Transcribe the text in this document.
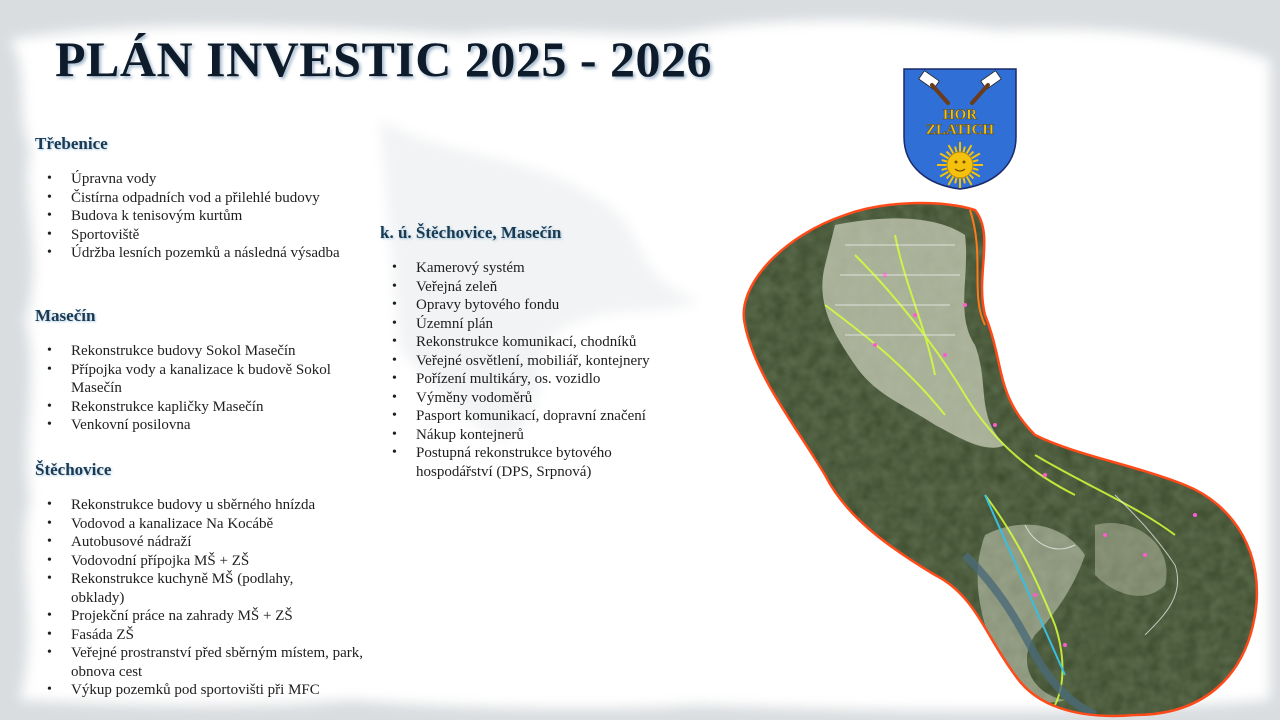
PLÁN INVESTIC 2025 - 2026
Třebenice
• Úpravna vody
• Čistírna odpadních vod a přilehlé budovy
• Budova k tenisovým kurtům
• Sportoviště
• Údržba lesních pozemků a následná výsadba
Masečín
• Rekonstrukce budovy Sokol Masečín
• Přípojka vody a kanalizace k budově Sokol Masečín
• Rekonstrukce kapličky Masečín
• Venkovní posilovna
Štěchovice
• Rekonstrukce budovy u sběrného hnízda
• Vodovod a kanalizace Na Kocábě
• Autobusové nádraží
• Vodovodní přípojka MŠ + ZŠ
• Rekonstrukce kuchyně MŠ (podlahy, obklady)
• Projekční práce na zahrady MŠ + ZŠ
• Fasáda ZŠ
• Veřejné prostranství před sběrným místem, park, obnova cest
• Výkup pozemků pod sportovišti při MFC
k. ú. Štěchovice, Masečín
• Kamerový systém
• Veřejná zeleň
• Opravy bytového fondu
• Územní plán
• Rekonstrukce komunikací, chodníků
• Veřejné osvětlení, mobiliář, kontejnery
• Pořízení multikáry, os. vozidlo
• Výměny vodoměrů
• Pasport komunikací, dopravní značení
• Nákup kontejnerů
• Postupná rekonstrukce bytového hospodářství (DPS, Srpnová)
HOR
ZLATICH
